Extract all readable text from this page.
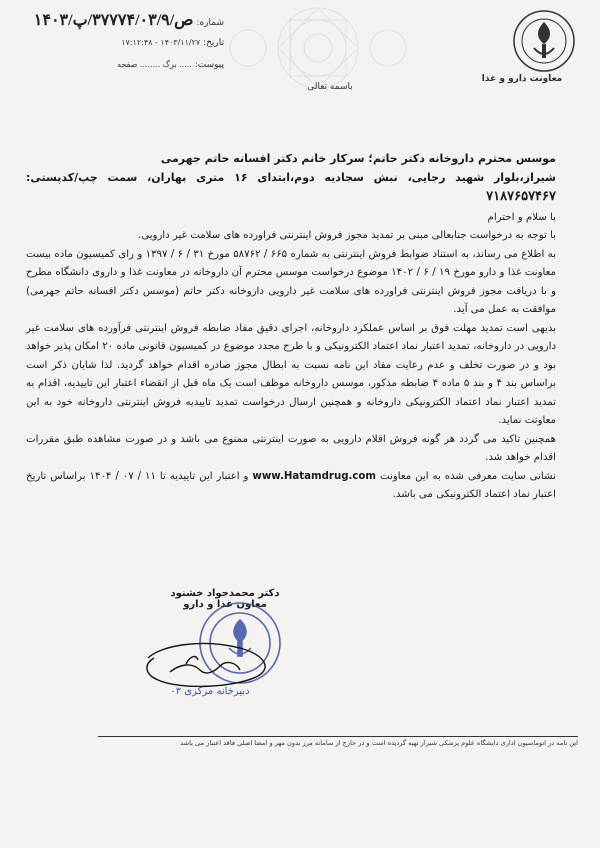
معاونت دارو و غذا
شماره: ص/۳۷۷۷۴/۰۳/۹/پ/۱۴۰۳
تاریخ: ۱۴۰۳/۱۱/۲۷ - ۱۷:۱۲:۴۸
پیوست: ..... برگ ........ صفحه
باسمه تعالی

موسس محترم داروخانه دکتر حاتم؛ سرکار خانم دکتر افسانه حاتم جهرمی

شیراز،بلوار شهید رجایی، نبش سجادیه دوم،ابتدای ۱۶ متری بهاران، سمت چپ/کدپستی: ۷۱۸۷۶۵۷۴۶۷

با سلام و احترام

با توجه به درخواست جنابعالی مبنی بر تمدید مجوز فروش اینترنتی فراورده های سلامت غیر دارویی.

به اطلاع می رساند، به استناد ضوابط فروش اینترنتی به شماره ۶۶۵ / ۵۸۷۶۲ مورخ ۳۱ / ۶ / ۱۳۹۷ و رای کمیسیون ماده بیست معاونت غذا و دارو مورخ ۱۹ / ۶ / ۱۴۰۲ موضوع درخواست موسس محترم آن داروخانه در معاونت غذا و داروی دانشگاه مطرح و با دریافت مجوز فروش اینترنتی فراورده های سلامت غیر دارویی داروخانه دکتر حاتم (موسس دکتر افسانه حاتم جهرمی) موافقت به عمل می آید.

بدیهی است تمدید مهلت فوق بر اساس عملکرد داروخانه، اجرای دقیق مفاد ضابطه فروش اینترنتی فرآورده های سلامت غیر دارویی در داروخانه، تمدید اعتبار نماد اعتماد الکترونیکی و با طرح مجدد موضوع در کمیسیون قانونی ماده ۲۰ امکان پذیر خواهد بود و در صورت تخلف و عدم رعایت مفاد این نامه نسبت به ابطال مجوز صادره اقدام خواهد گردید. لذا شایان ذکر است براساس بند ۴ و بند ۵ ماده ۴ ضابطه مذکور، موسس داروخانه موظف است یک ماه قبل از انقضاء اعتبار این تاییدیه، اقدام به تمدید اعتبار نماد اعتماد الکترونیکی داروخانه و همچنین ارسال درخواست تمدید تاییدیه فروش اینترنتی داروخانه خود به این معاونت نماید.

همچنین تاکید می گردد هر گونه فروش اقلام دارویی به صورت اینترنتی ممنوع می باشد و در صورت مشاهده طبق مقررات اقدام خواهد شد.

نشانی سایت معرفی شده به این معاونت www.Hatamdrug.com و اعتبار این تاییدیه تا ۱۱ / ۰۷ / ۱۴۰۴ براساس تاریخ اعتبار نماد اعتماد الکترونیکی می باشد.

دکتر محمدجواد خشنود
معاون غذا و دارو
دبیرخانه مرکزی ۰۳
این نامه در اتوماسیون اداری دانشگاه علوم پزشکی شیراز تهیه گردیده است و در خارج از سامانه مرز بدون مهر و امضا اصلی فاقد اعتبار می باشد
